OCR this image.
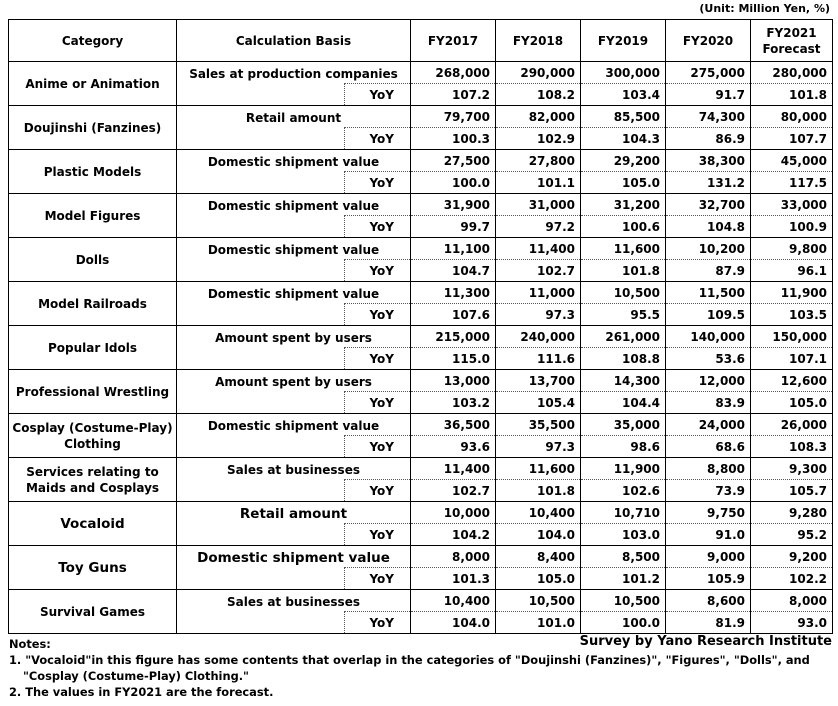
(Unit: Million Yen, %)
Category	Calculation Basis		FY2017	FY2018	FY2019	FY2020	FY2021
Forecast

Anime or Animation	Sales at production companies		268,000	290,000	300,000	275,000	280,000
		YoY	107.2	108.2	103.4	91.7	101.8
Doujinshi (Fanzines)	Retail amount		79,700	82,000	85,500	74,300	80,000
		YoY	100.3	102.9	104.3	86.9	107.7
Plastic Models	Domestic shipment value		27,500	27,800	29,200	38,300	45,000
		YoY	100.0	101.1	105.0	131.2	117.5
Model Figures	Domestic shipment value		31,900	31,000	31,200	32,700	33,000
		YoY	99.7	97.2	100.6	104.8	100.9
Dolls	Domestic shipment value		11,100	11,400	11,600	10,200	9,800
		YoY	104.7	102.7	101.8	87.9	96.1
Model Railroads	Domestic shipment value		11,300	11,000	10,500	11,500	11,900
		YoY	107.6	97.3	95.5	109.5	103.5
Popular Idols	Amount spent by users		215,000	240,000	261,000	140,000	150,000
		YoY	115.0	111.6	108.8	53.6	107.1
Professional Wrestling	Amount spent by users		13,000	13,700	14,300	12,000	12,600
		YoY	103.2	105.4	104.4	83.9	105.0
Cosplay (Costume-Play) Clothing	Domestic shipment value		36,500	35,500	35,000	24,000	26,000
		YoY	93.6	97.3	98.6	68.6	108.3
Services relating to Maids and Cosplays	Sales at businesses		11,400	11,600	11,900	8,800	9,300
		YoY	102.7	101.8	102.6	73.9	105.7
Vocaloid	Retail amount		10,000	10,400	10,710	9,750	9,280
		YoY	104.2	104.0	103.0	91.0	95.2
Toy Guns	Domestic shipment value		8,000	8,400	8,500	9,000	9,200
		YoY	101.3	105.0	101.2	105.9	102.2
Survival Games	Sales at businesses		10,400	10,500	10,500	8,600	8,000
		YoY	104.0	101.0	100.0	81.9	93.0
Notes:
1. "Vocaloid"in this figure has some contents that overlap in the categories of "Doujinshi (Fanzines)", "Figures", "Dolls", and
"Cosplay (Costume-Play) Clothing."
2. The values in FY2021 are the forecast.
Survey by Yano Research Institute
